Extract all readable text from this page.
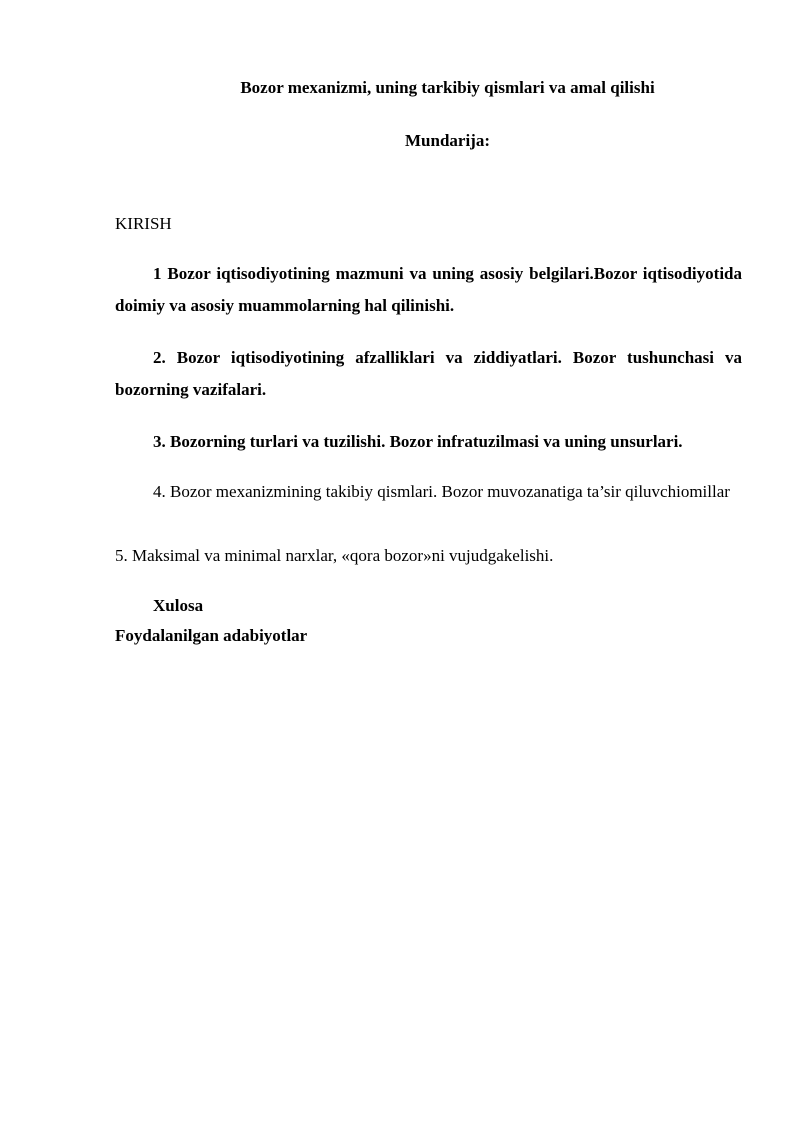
Bozor mexanizmi, uning tarkibiy qismlari va amal qilishi

Mundarija:

KIRISH

1 Bozor iqtisodiyotining mazmuni va uning asosiy belgilari.Bozor iqtisodiyotida doimiy va asosiy muammolarning hal qilinishi.

2. Bozor iqtisodiyotining afzalliklari va ziddiyatlari. Bozor tushunchasi va bozorning vazifalari.

3. Bozorning turlari va tuzilishi. Bozor infratuzilmasi va uning unsurlari.

4. Bozor mexanizmining takibiy qismlari. Bozor muvozanatiga ta’sir qiluvchiomillar

5. Maksimal va minimal narxlar, «qora bozor»ni vujudgakelishi.

Xulosa

Foydalanilgan adabiyotlar
